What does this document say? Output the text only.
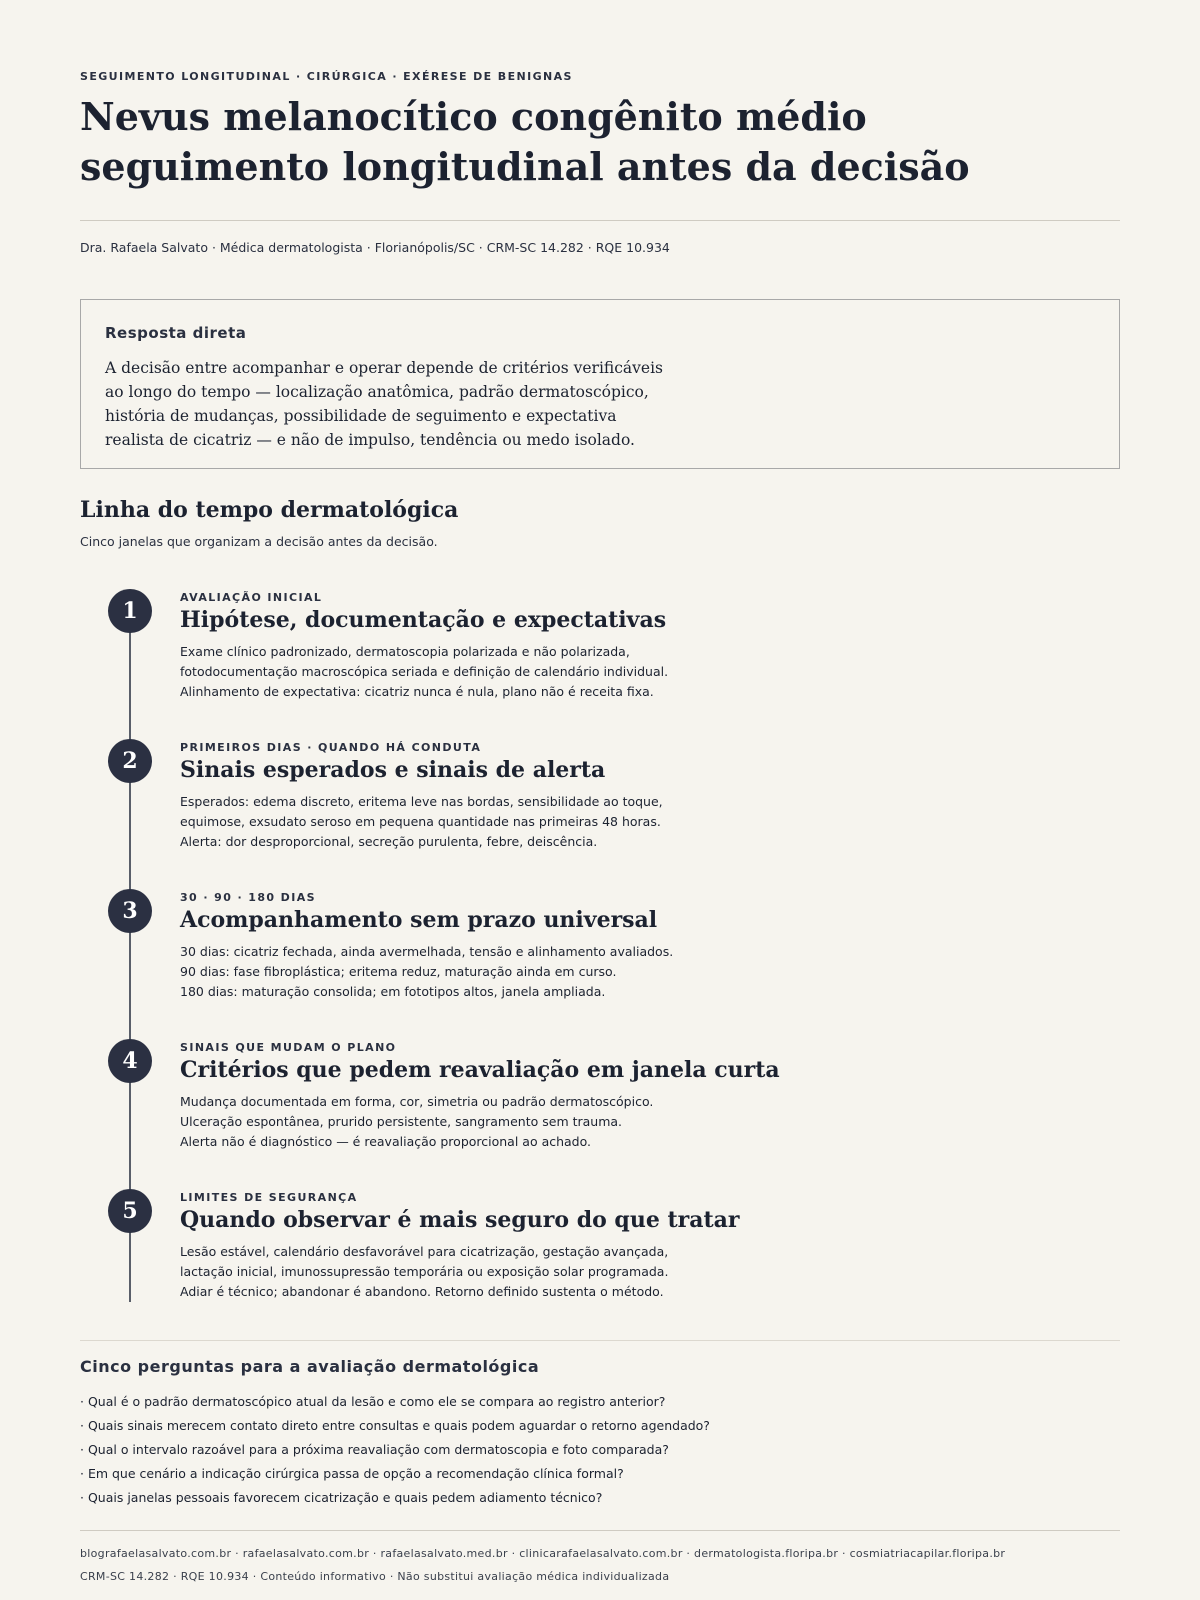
SEGUIMENTO LONGITUDINAL · CIRÚRGICA · EXÉRESE DE BENIGNAS
Nevus melanocítico congênito médio
seguimento longitudinal antes da decisão
Dra. Rafaela Salvato · Médica dermatologista · Florianópolis/SC · CRM-SC 14.282 · RQE 10.934
Resposta direta
A decisão entre acompanhar e operar depende de critérios verificáveis
ao longo do tempo — localização anatômica, padrão dermatoscópico,
história de mudanças, possibilidade de seguimento e expectativa
realista de cicatriz — e não de impulso, tendência ou medo isolado.
Linha do tempo dermatológica
Cinco janelas que organizam a decisão antes da decisão.
1
AVALIAÇÃO INICIAL
Hipótese, documentação e expectativas
Exame clínico padronizado, dermatoscopia polarizada e não polarizada,
fotodocumentação macroscópica seriada e definição de calendário individual.
Alinhamento de expectativa: cicatriz nunca é nula, plano não é receita fixa.
2
PRIMEIROS DIAS · QUANDO HÁ CONDUTA
Sinais esperados e sinais de alerta
Esperados: edema discreto, eritema leve nas bordas, sensibilidade ao toque,
equimose, exsudato seroso em pequena quantidade nas primeiras 48 horas.
Alerta: dor desproporcional, secreção purulenta, febre, deiscência.
3
30 · 90 · 180 DIAS
Acompanhamento sem prazo universal
30 dias: cicatriz fechada, ainda avermelhada, tensão e alinhamento avaliados.
90 dias: fase fibroplástica; eritema reduz, maturação ainda em curso.
180 dias: maturação consolida; em fototipos altos, janela ampliada.
4
SINAIS QUE MUDAM O PLANO
Critérios que pedem reavaliação em janela curta
Mudança documentada em forma, cor, simetria ou padrão dermatoscópico.
Ulceração espontânea, prurido persistente, sangramento sem trauma.
Alerta não é diagnóstico — é reavaliação proporcional ao achado.
5
LIMITES DE SEGURANÇA
Quando observar é mais seguro do que tratar
Lesão estável, calendário desfavorável para cicatrização, gestação avançada,
lactação inicial, imunossupressão temporária ou exposição solar programada.
Adiar é técnico; abandonar é abandono. Retorno definido sustenta o método.
Cinco perguntas para a avaliação dermatológica
· Qual é o padrão dermatoscópico atual da lesão e como ele se compara ao registro anterior?
· Quais sinais merecem contato direto entre consultas e quais podem aguardar o retorno agendado?
· Qual o intervalo razoável para a próxima reavaliação com dermatoscopia e foto comparada?
· Em que cenário a indicação cirúrgica passa de opção a recomendação clínica formal?
· Quais janelas pessoais favorecem cicatrização e quais pedem adiamento técnico?
blografaelasalvato.com.br · rafaelasalvato.com.br · rafaelasalvato.med.br · clinicarafaelasalvato.com.br · dermatologista.floripa.br · cosmiatriacapilar.floripa.br
CRM-SC 14.282 · RQE 10.934 · Conteúdo informativo · Não substitui avaliação médica individualizada
